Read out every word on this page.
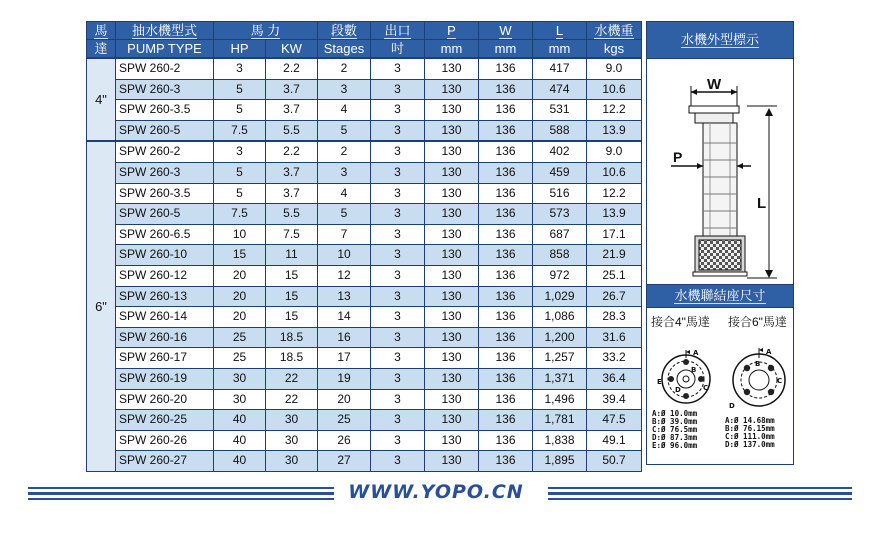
馬	抽水機型式	馬 力		段數	出口	P	W	L	水機重
達	PUMP TYPE	HP	KW	Stages	吋	mm	mm	mm	kgs
4"	SPW 260-2	3	2.2	2	3	130	136	417	9.0
	SPW 260-3	5	3.7	3	3	130	136	474	10.6
	SPW 260-3.5	5	3.7	4	3	130	136	531	12.2
	SPW 260-5	7.5	5.5	5	3	130	136	588	13.9
6"	SPW 260-2	3	2.2	2	3	130	136	402	9.0
	SPW 260-3	5	3.7	3	3	130	136	459	10.6
	SPW 260-3.5	5	3.7	4	3	130	136	516	12.2
	SPW 260-5	7.5	5.5	5	3	130	136	573	13.9
	SPW 260-6.5	10	7.5	7	3	130	136	687	17.1
	SPW 260-10	15	11	10	3	130	136	858	21.9
	SPW 260-12	20	15	12	3	130	136	972	25.1
	SPW 260-13	20	15	13	3	130	136	1,029	26.7
	SPW 260-14	20	15	14	3	130	136	1,086	28.3
	SPW 260-16	25	18.5	16	3	130	136	1,200	31.6
	SPW 260-17	25	18.5	17	3	130	136	1,257	33.2
	SPW 260-19	30	22	19	3	130	136	1,371	36.4
	SPW 260-20	30	22	20	3	130	136	1,496	39.4
	SPW 260-25	40	30	25	3	130	136	1,781	47.5
	SPW 260-26	40	30	26	3	130	136	1,838	49.1
	SPW 260-27	40	30	27	3	130	136	1,895	50.7
水機外型標示
W
P
L
水機聯結座尺寸
接合4"馬達 接合6"馬達
A
B
C
D
E
A
B
C
D
A:Ø 10.0mm
B:Ø 39.0mm
C:Ø 76.5mm
D:Ø 87.3mm
E:Ø 96.0mm
A:Ø 14.68mm
B:Ø 76.15mm
C:Ø 111.0mm
D:Ø 137.0mm
WWW.YOPO.CN
